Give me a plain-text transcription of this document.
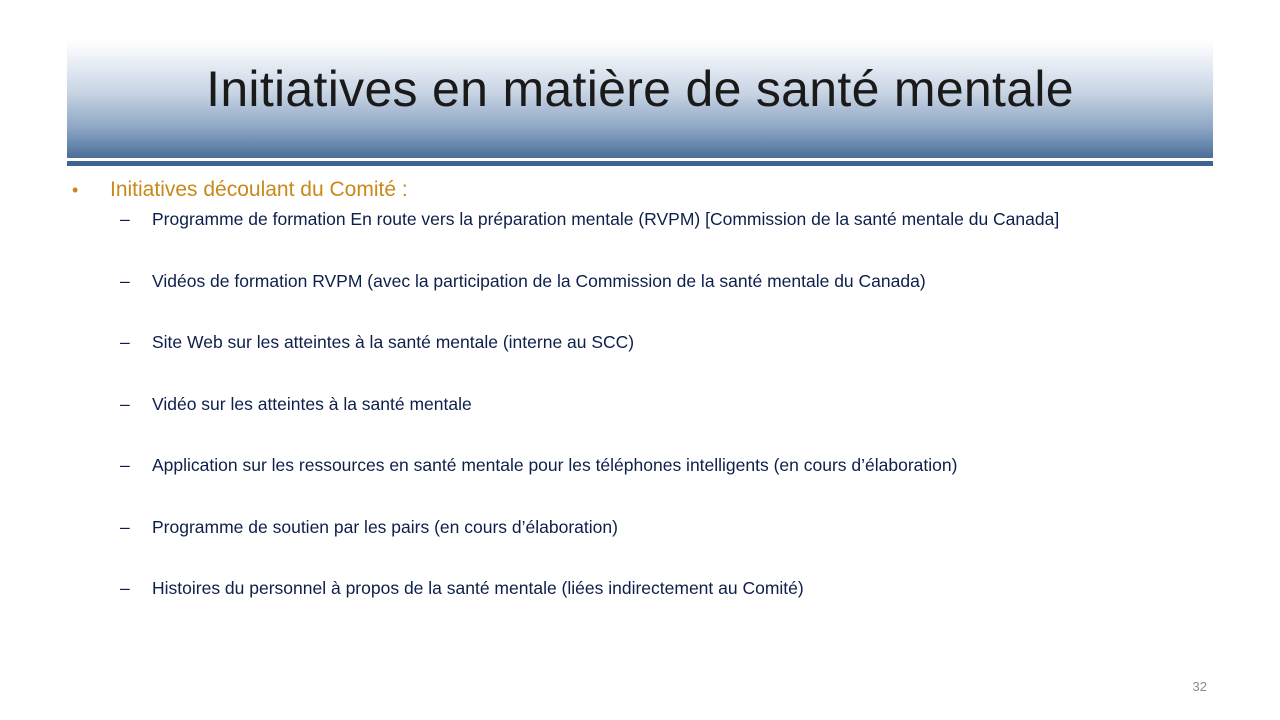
Initiatives en matière de santé mentale
•	Initiatives découlant du Comité :
–	Programme de formation En route vers la préparation mentale (RVPM) [Commission de la santé mentale du Canada]
–	Vidéos de formation RVPM (avec la participation de la Commission de la santé mentale du Canada)
–	Site Web sur les atteintes à la santé mentale (interne au SCC)
–	Vidéo sur les atteintes à la santé mentale
–	Application sur les ressources en santé mentale pour les téléphones intelligents (en cours d’élaboration)
–	Programme de soutien par les pairs (en cours d’élaboration)
–	Histoires du personnel à propos de la santé mentale (liées indirectement au Comité)
32
